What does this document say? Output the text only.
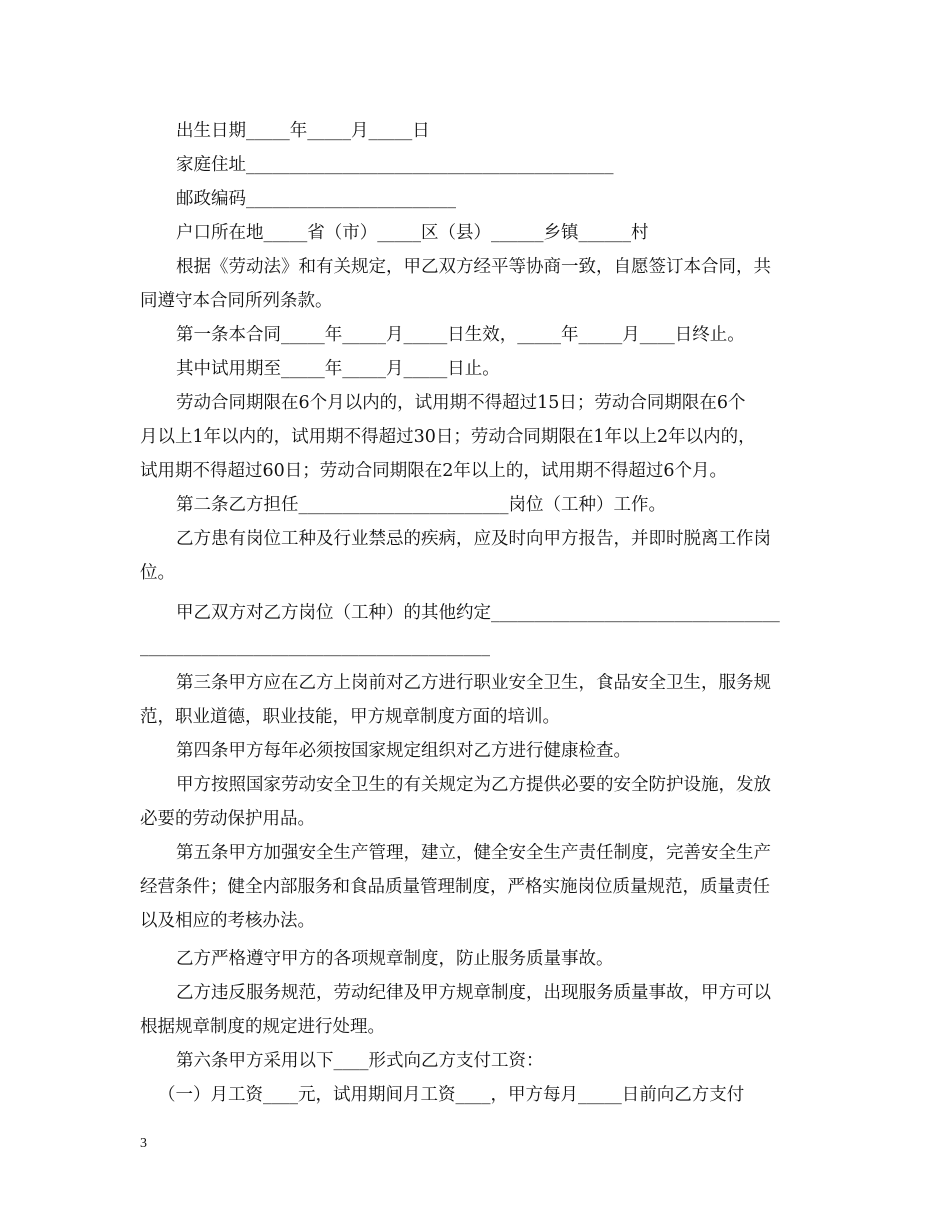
出生日期_____年_____月_____日
家庭住址__________________________________________
邮政编码________________________
户口所在地_____省（市）_____区（县）______乡镇______村
根据《劳动法》和有关规定，甲乙双方经平等协商一致，自愿签订本合同，共
同遵守本合同所列条款。
第一条本合同_____年_____月_____日生效，_____年_____月____日终止。
其中试用期至_____年_____月_____日止。
劳动合同期限在6个月以内的，试用期不得超过15日；劳动合同期限在6个
月以上1年以内的，试用期不得超过30日；劳动合同期限在1年以上2年以内的，
试用期不得超过60日；劳动合同期限在2年以上的，试用期不得超过6个月。
第二条乙方担任________________________岗位（工种）工作。
乙方患有岗位工种及行业禁忌的疾病，应及时向甲方报告，并即时脱离工作岗
位。
甲乙双方对乙方岗位（工种）的其他约定_________________________________
________________________________________
第三条甲方应在乙方上岗前对乙方进行职业安全卫生，食品安全卫生，服务规
范，职业道德，职业技能，甲方规章制度方面的培训。
第四条甲方每年必须按国家规定组织对乙方进行健康检查。
甲方按照国家劳动安全卫生的有关规定为乙方提供必要的安全防护设施，发放
必要的劳动保护用品。
第五条甲方加强安全生产管理，建立，健全安全生产责任制度，完善安全生产
经营条件；健全内部服务和食品质量管理制度，严格实施岗位质量规范，质量责任
以及相应的考核办法。
乙方严格遵守甲方的各项规章制度，防止服务质量事故。
乙方违反服务规范，劳动纪律及甲方规章制度，出现服务质量事故，甲方可以
根据规章制度的规定进行处理。
第六条甲方采用以下____形式向乙方支付工资：
（一）月工资____元，试用期间月工资____，甲方每月_____日前向乙方支付
3
